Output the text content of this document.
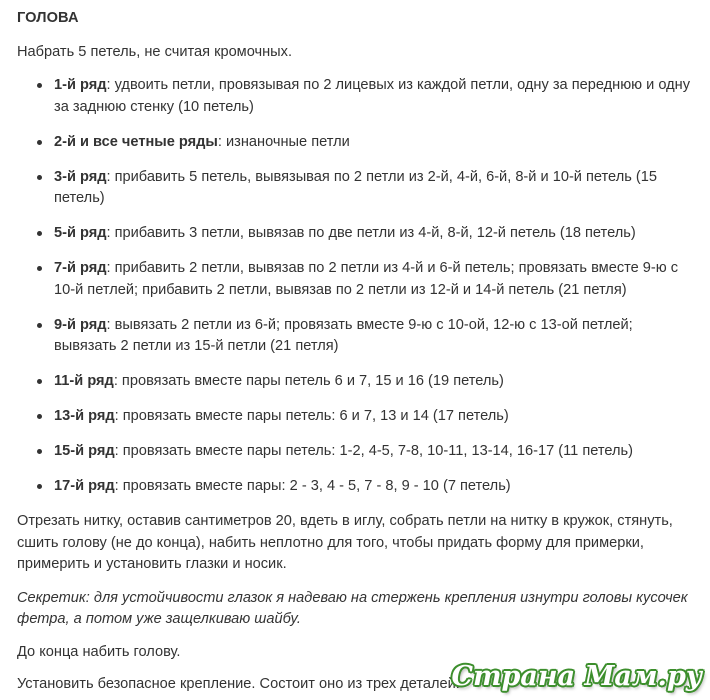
ГОЛОВА

Набрать 5 петель, не считая кромочных.

1-й ряд: удвоить петли, провязывая по 2 лицевых из каждой петли, одну за переднюю и одну за заднюю стенку (10 петель)
2-й и все четные ряды: изнаночные петли
3-й ряд: прибавить 5 петель, вывязывая по 2 петли из 2-й, 4-й, 6-й, 8-й и 10-й петель (15 петель)
5-й ряд: прибавить 3 петли, вывязав по две петли из 4-й, 8-й, 12-й петель (18 петель)
7-й ряд: прибавить 2 петли, вывязав по 2 петли из 4-й и 6-й петель; провязать вместе 9-ю с 10-й петлей; прибавить 2 петли, вывязав по 2 петли из 12-й и 14-й петель (21 петля)
9-й ряд: вывязать 2 петли из 6-й; провязать вместе 9-ю с 10-ой, 12-ю с 13-ой петлей; вывязать 2 петли из 15-й петли (21 петля)
11-й ряд: провязать вместе пары петель 6 и 7, 15 и 16 (19 петель)
13-й ряд: провязать вместе пары петель: 6 и 7, 13 и 14 (17 петель)
15-й ряд: провязать вместе пары петель: 1-2, 4-5, 7-8, 10-11, 13-14, 16-17 (11 петель)
17-й ряд: провязать вместе пары: 2 - 3, 4 - 5, 7 - 8, 9 - 10 (7 петель)

Отрезать нитку, оставив сантиметров 20, вдеть в иглу, собрать петли на нитку в кружок, стянуть, сшить голову (не до конца), набить неплотно для того, чтобы придать форму для примерки, примерить и установить глазки и носик.

Секретик: для устойчивости глазок я надеваю на стержень крепления изнутри головы кусочек фетра, а потом уже защелкиваю шайбу.

До конца набить голову.

Установить безопасное крепление. Состоит оно из трех деталей:

Страна Мам.ру
